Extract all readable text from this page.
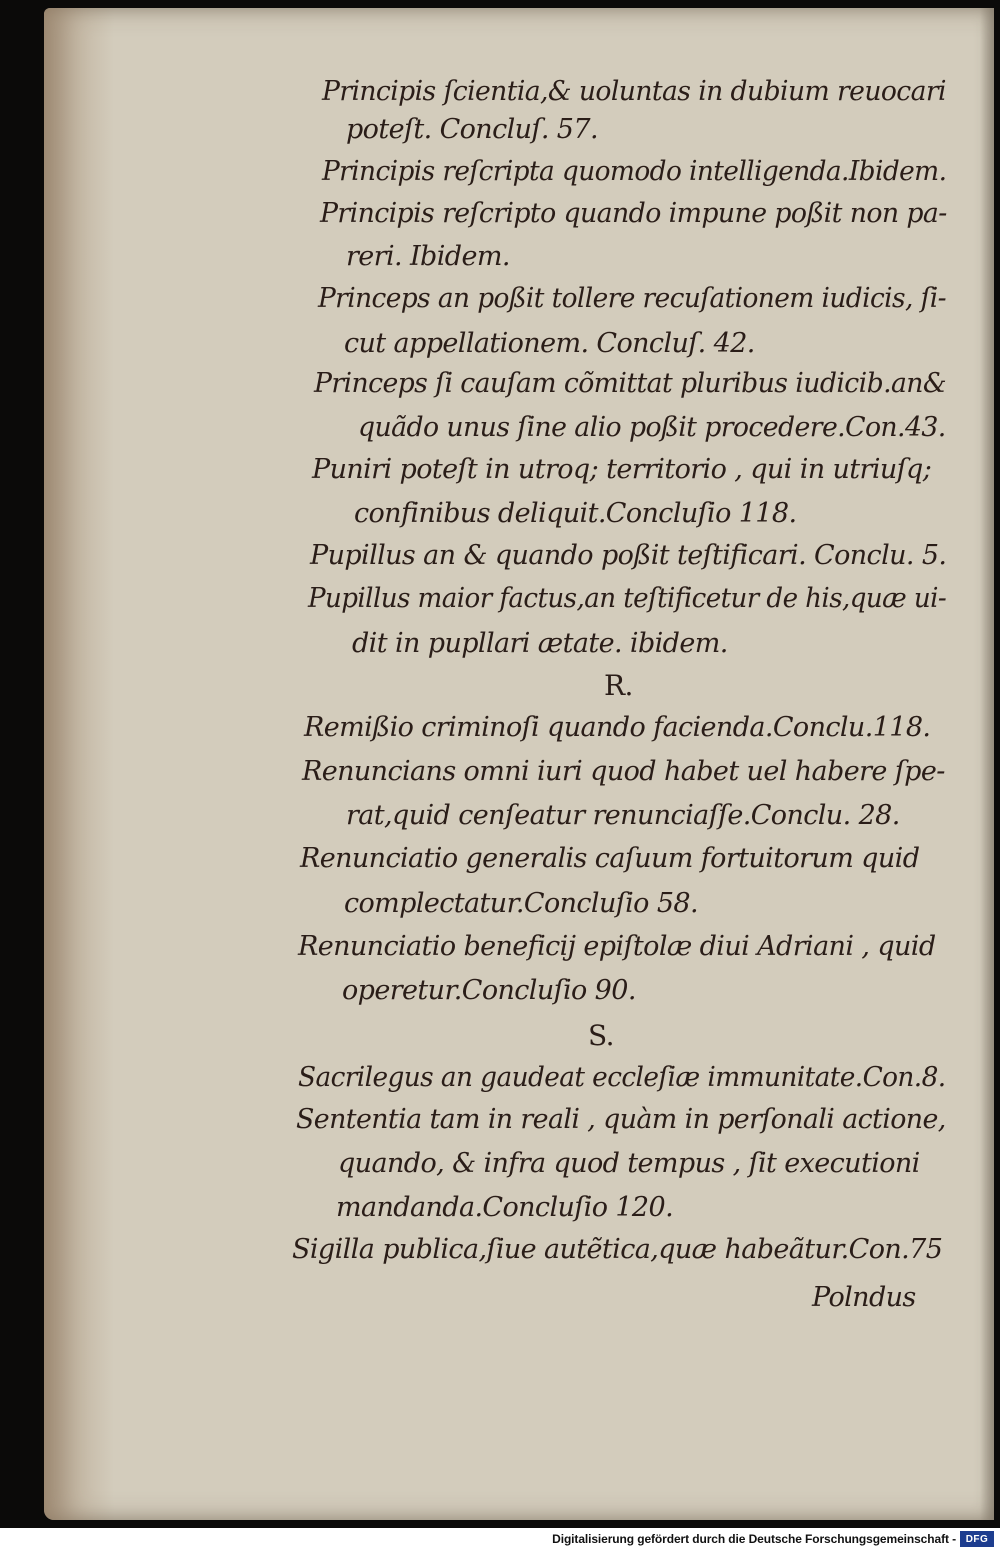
Principis ſcientia,& uoluntas in dubium reuocari
poteſt. Concluſ. 57.
Principis reſcripta quomodo intelligenda.Ibidem.
Principis reſcripto quando impune poßit non pa-
reri. Ibidem.
Princeps an poßit tollere recuſationem iudicis, ſi-
cut appellationem. Concluſ. 42.
Princeps ſi cauſam cõmittat pluribus iudicib.an&
quãdo unus ſine alio poßit procedere.Con.43.
Puniri poteſt in utroq; territorio , qui in utriuſq;
confinibus deliquit.Concluſio 118.
Pupillus an & quando poßit teſtificari. Conclu. 5.
Pupillus maior factus,an teſtificetur de his,quæ ui-
dit in pupllari ætate. ibidem.
R.
Remißio criminoſi quando facienda.Conclu.118.
Renuncians omni iuri quod habet uel habere ſpe-
rat,quid cenſeatur renunciaſſe.Conclu. 28.
Renunciatio generalis caſuum fortuitorum quid
complectatur.Concluſio 58.
Renunciatio beneficij epiſtolæ diui Adriani , quid
operetur.Concluſio 90.
S.
Sacrilegus an gaudeat eccleſiæ immunitate.Con.8.
Sententia tam in reali , quàm in perſonali actione,
quando, & infra quod tempus , ſit executioni
mandanda.Concluſio 120.
Sigilla publica,ſiue autẽtica,quæ habeãtur.Con.75
Polndus
Digitalisierung gefördert durch die Deutsche Forschungsgemeinschaft - DFG
